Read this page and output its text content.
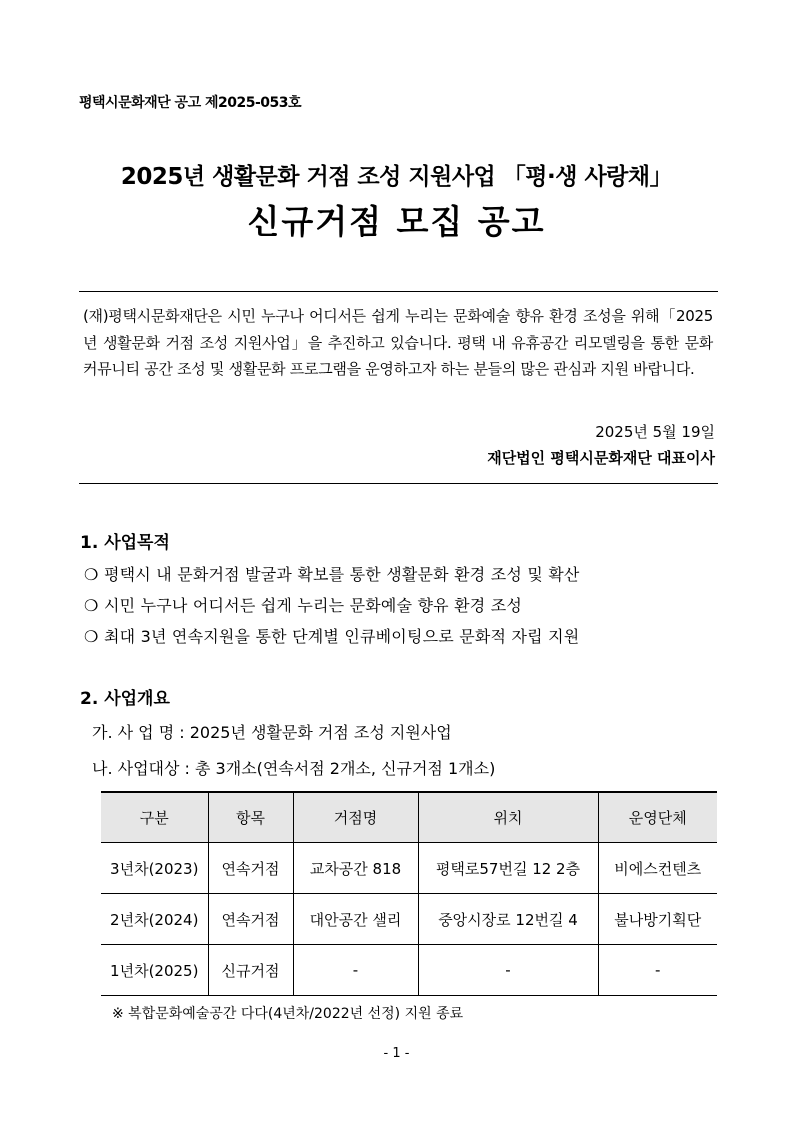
평택시문화재단 공고 제2025-053호
2025년 생활문화 거점 조성 지원사업 「평·생 사랑채」
신규거점 모집 공고
(재)평택시문화재단은 시민 누구나 어디서든 쉽게 누리는 문화예술 향유 환경 조성을 위해「2025년 생활문화 거점 조성 지원사업」을 추진하고 있습니다. 평택 내 유휴공간 리모델링을 통한 문화 커뮤니티 공간 조성 및 생활문화 프로그램을 운영하고자 하는 분들의 많은 관심과 지원 바랍니다.
2025년 5월 19일
재단법인 평택시문화재단 대표이사
1. 사업목적
❍ 평택시 내 문화거점 발굴과 확보를 통한 생활문화 환경 조성 및 확산
❍ 시민 누구나 어디서든 쉽게 누리는 문화예술 향유 환경 조성
❍ 최대 3년 연속지원을 통한 단계별 인큐베이팅으로 문화적 자립 지원
2. 사업개요
가. 사 업 명 : 2025년 생활문화 거점 조성 지원사업
나. 사업대상 : 총 3개소(연속서점 2개소, 신규거점 1개소)
구분	항목	거점명	위치	운영단체
3년차(2023)	연속거점	교차공간 818	평택로57번길 12 2층	비에스컨텐츠
2년차(2024)	연속거점	대안공간 샐리	중앙시장로 12번길 4	불나방기획단
1년차(2025)	신규거점	-	-	-
※ 복합문화예술공간 다다(4년차/2022년 선정) 지원 종료
- 1 -
